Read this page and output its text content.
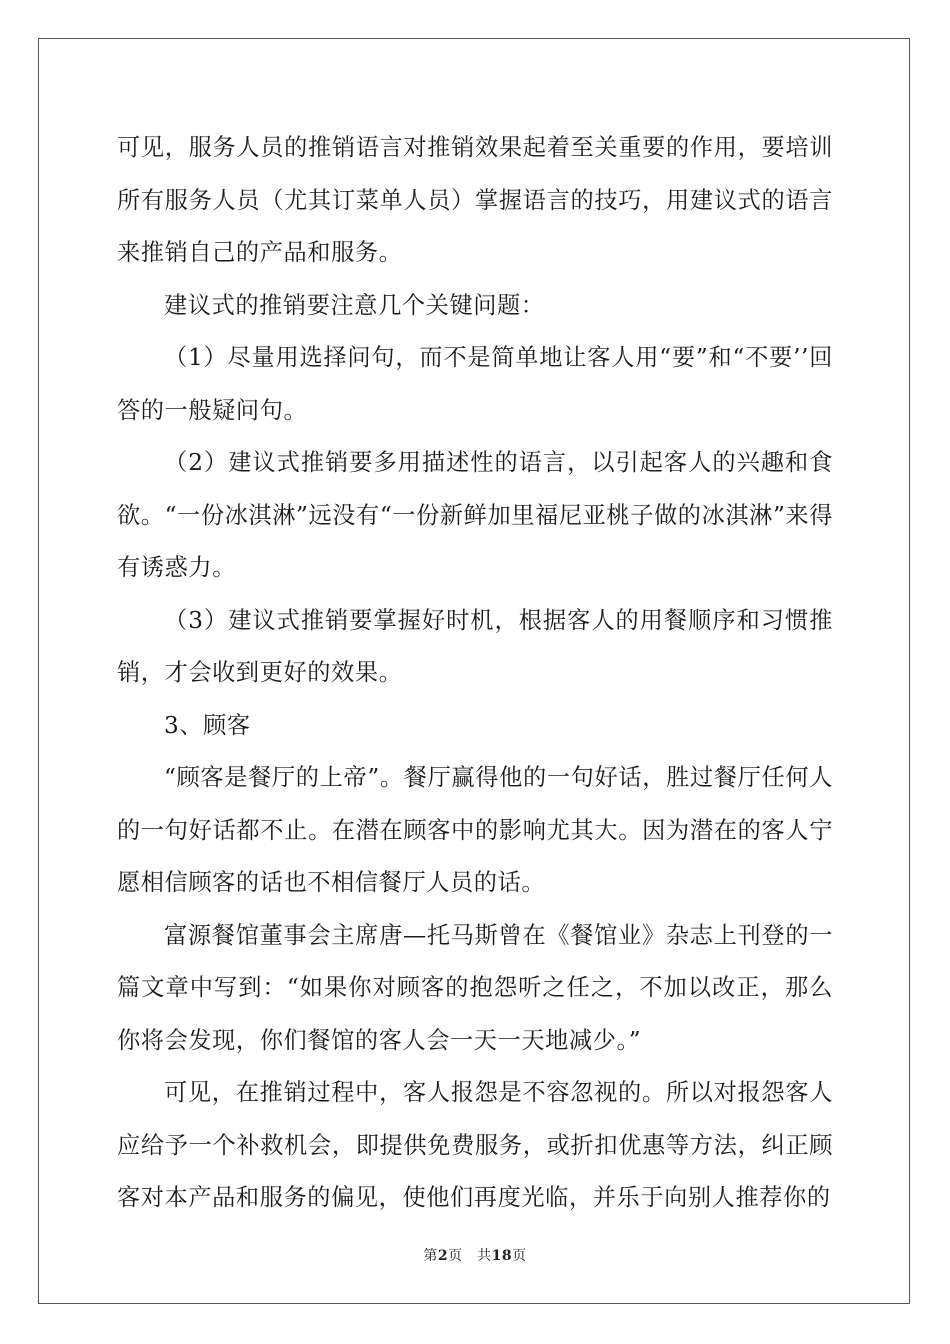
可见，服务人员的推销语言对推销效果起着至关重要的作用，要培训所有服务人员（尤其订菜单人员）掌握语言的技巧，用建议式的语言来推销自己的产品和服务。

建议式的推销要注意几个关键问题：

（1）尽量用选择问句，而不是简单地让客人用“要”和“不要’’回答的一般疑问句。

（2）建议式推销要多用描述性的语言，以引起客人的兴趣和食欲。“一份冰淇淋”远没有“一份新鲜加里福尼亚桃子做的冰淇淋”来得有诱惑力。

（3）建议式推销要掌握好时机，根据客人的用餐顺序和习惯推销，才会收到更好的效果。

3、顾客

“顾客是餐厅的上帝”。餐厅赢得他的一句好话，胜过餐厅任何人的一句好话都不止。在潜在顾客中的影响尤其大。因为潜在的客人宁愿相信顾客的话也不相信餐厅人员的话。

富源餐馆董事会主席唐—托马斯曾在《餐馆业》杂志上刊登的一篇文章中写到：“如果你对顾客的抱怨听之任之，不加以改正，那么你将会发现，你们餐馆的客人会一天一天地减少。”

可见，在推销过程中，客人报怨是不容忽视的。所以对报怨客人应给予一个补救机会，即提供免费服务，或折扣优惠等方法，纠正顾客对本产品和服务的偏见，使他们再度光临，并乐于向别人推荐你的

第2页　共18页
